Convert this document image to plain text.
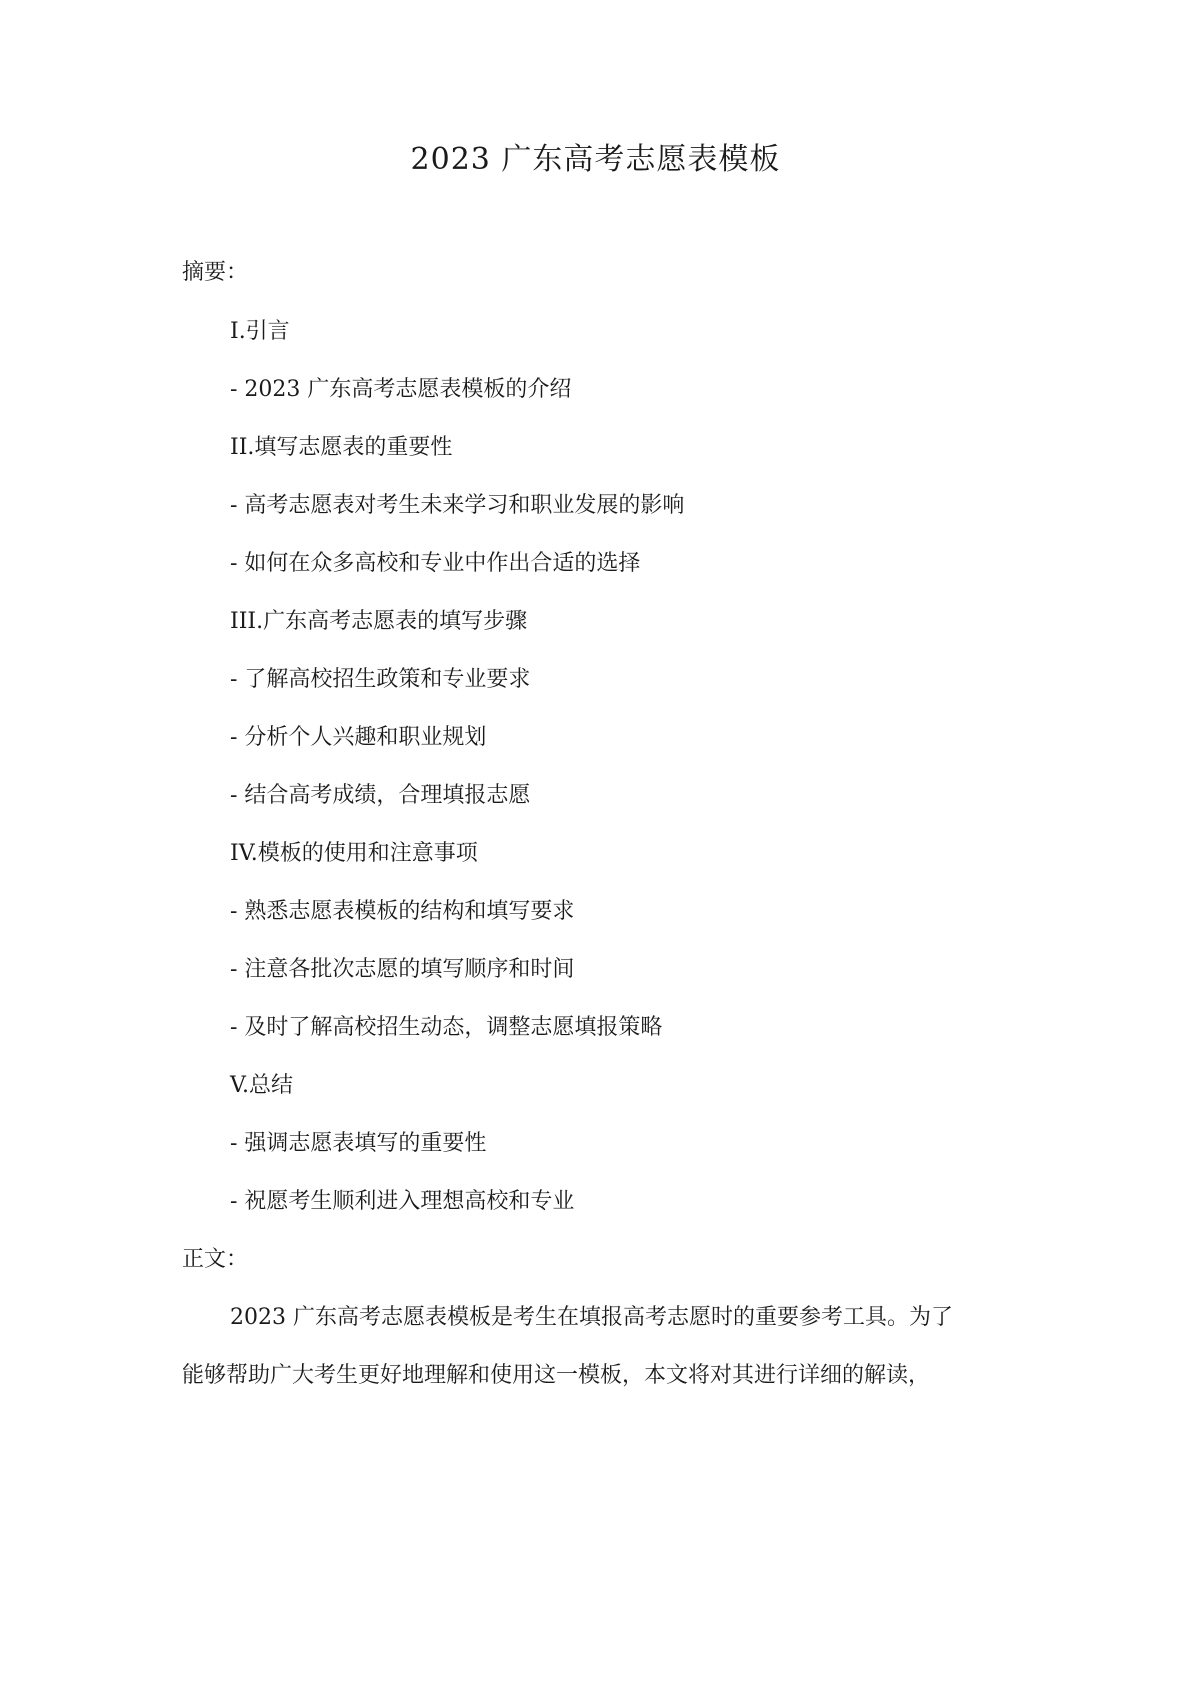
2023 广东高考志愿表模板
摘要：
I.引言
- 2023 广东高考志愿表模板的介绍
II.填写志愿表的重要性
- 高考志愿表对考生未来学习和职业发展的影响
- 如何在众多高校和专业中作出合适的选择
III.广东高考志愿表的填写步骤
- 了解高校招生政策和专业要求
- 分析个人兴趣和职业规划
- 结合高考成绩，合理填报志愿
IV.模板的使用和注意事项
- 熟悉志愿表模板的结构和填写要求
- 注意各批次志愿的填写顺序和时间
- 及时了解高校招生动态，调整志愿填报策略
V.总结
- 强调志愿表填写的重要性
- 祝愿考生顺利进入理想高校和专业
正文：
2023 广东高考志愿表模板是考生在填报高考志愿时的重要参考工具。为了
能够帮助广大考生更好地理解和使用这一模板，本文将对其进行详细的解读，
